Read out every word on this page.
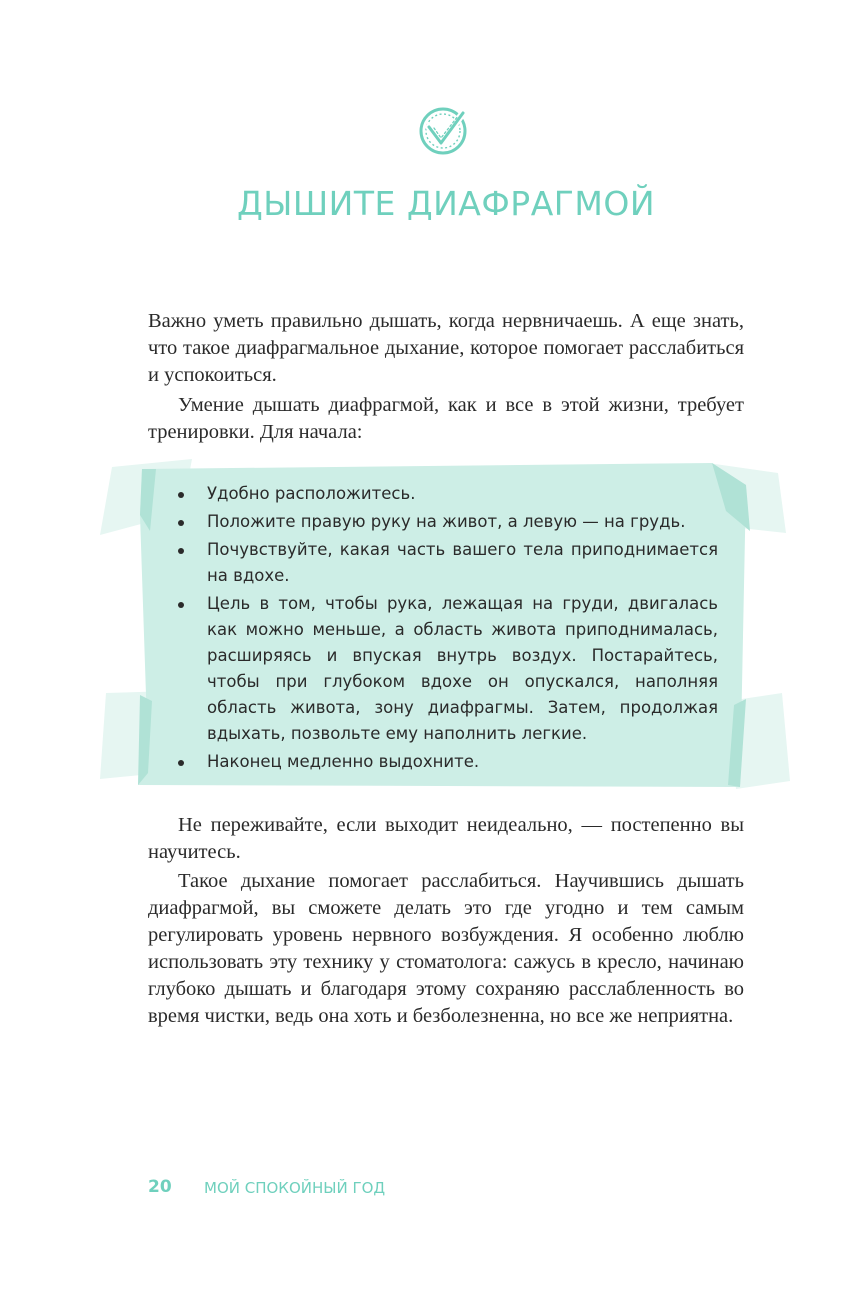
ДЫШИТЕ ДИАФРАГМОЙ

Важно уметь правильно дышать, когда нервничаешь. А еще знать, что такое диафрагмальное дыхание, которое помогает расслабиться и успокоиться.

Умение дышать диафрагмой, как и все в этой жизни, требует тренировки. Для начала:

Удобно расположитесь.
Положите правую руку на живот, а левую — на грудь.
Почувствуйте, какая часть вашего тела приподнимается на вдохе.
Цель в том, чтобы рука, лежащая на груди, двигалась как можно меньше, а область живота приподнималась, расширяясь и впуская внутрь воздух. Постарайтесь, чтобы при глубоком вдохе он опускался, наполняя область живота, зону диафрагмы. Затем, продолжая вдыхать, позвольте ему наполнить легкие.
Наконец медленно выдохните.

Не переживайте, если выходит неидеально, — постепенно вы научитесь.

Такое дыхание помогает расслабиться. Научившись дышать диафрагмой, вы сможете делать это где угодно и тем самым регулировать уровень нервного возбуждения. Я особенно люблю использовать эту технику у стоматолога: сажусь в кресло, начинаю глубоко дышать и благодаря этому сохраняю расслабленность во время чистки, ведь она хоть и безболезненна, но все же неприятна.

20 МОЙ СПОКОЙНЫЙ ГОД
